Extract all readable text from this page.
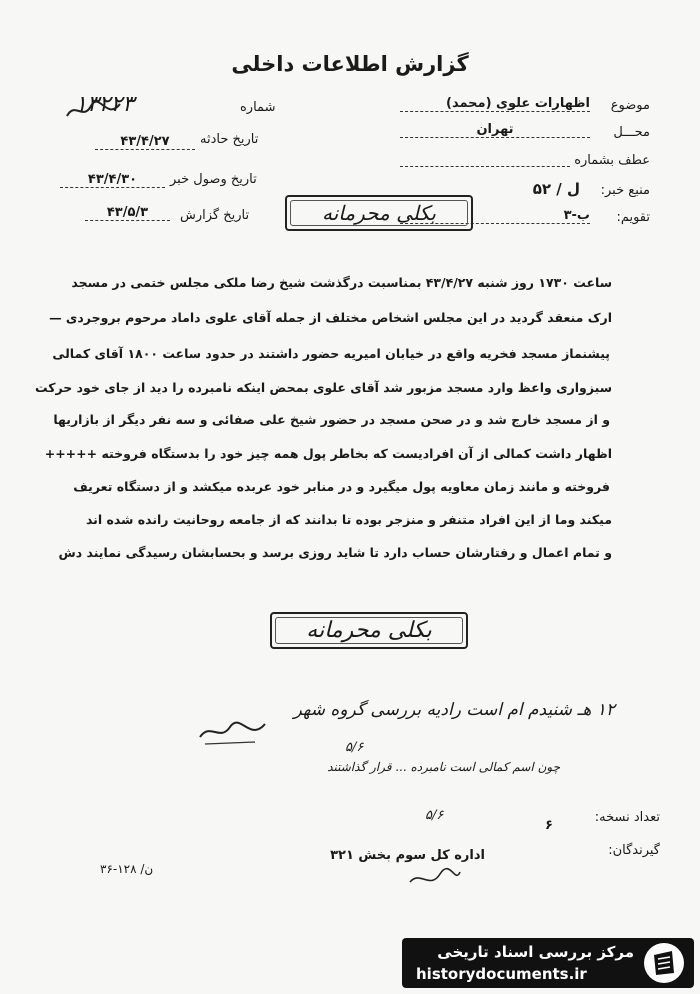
گزارش اطلاعات داخلی
موضوع
اظهارات علوی (محمد)
محـــل
تهران
عطف بشماره
منبع خبر:
ل / ۵۲
تقویم:
ب-۳
شماره
۱۳۲۲۳
تاریخ حادثه
۴۳/۴/۲۷
تاریخ وصول خبر
۴۳/۴/۳۰
تاریخ گزارش
۴۳/۵/۳	بکلی محرمانه
ساعت ۱۷۳۰ روز شنبه ۴۳/۴/۲۷ بمناسبت درگذشت شیخ رضا ملکی مجلس ختمی در مسجد
ارک منعقد گردید در این مجلس اشخاص مختلف از جمله آقای علوی داماد مرحوم بروجردی —
پیشنماز مسجد فخریه واقع در خیابان امیریه حضور داشتند در حدود ساعت ۱۸۰۰ آقای کمالی
سبزواری واعظ وارد مسجد مزبور شد آقای علوی بمحض اینکه نامبرده را دید از جای خود حرکت
و از مسجد خارج شد و در صحن مسجد در حضور شیخ علی صفائی و سه نفر دیگر از بازاریها
اظهار داشت کمالی از آن افرادیست که بخاطر پول همه چیز خود را بدستگاه فروخته +++++
فروخته و مانند زمان معاویه پول میگیرد و در منابر خود عربده میکشد و از دستگاه تعریف
میکند وما از این افراد متنفر و منزجر بوده تا بدانند که از جامعه روحانیت رانده شده اند
و تمام اعمال و رفتارشان حساب دارد تا شاید روزی برسد و بحسابشان رسیدگی نمایند دش
بکلی محرمانه
۱۲ هـ شنیدم ام است رادیه بررسی گروه شهر
۵/۶
چون اسم کمالی است نامبرده ... قرار گذاشتند
۵/۶	تعداد نسخه:
۶
گیرندگان:
اداره کل سوم بخش ۳۲۱
ن/ ۱۲۸-۳۶
مرکز بررسی اسناد تاریخی
historydocuments.ir
